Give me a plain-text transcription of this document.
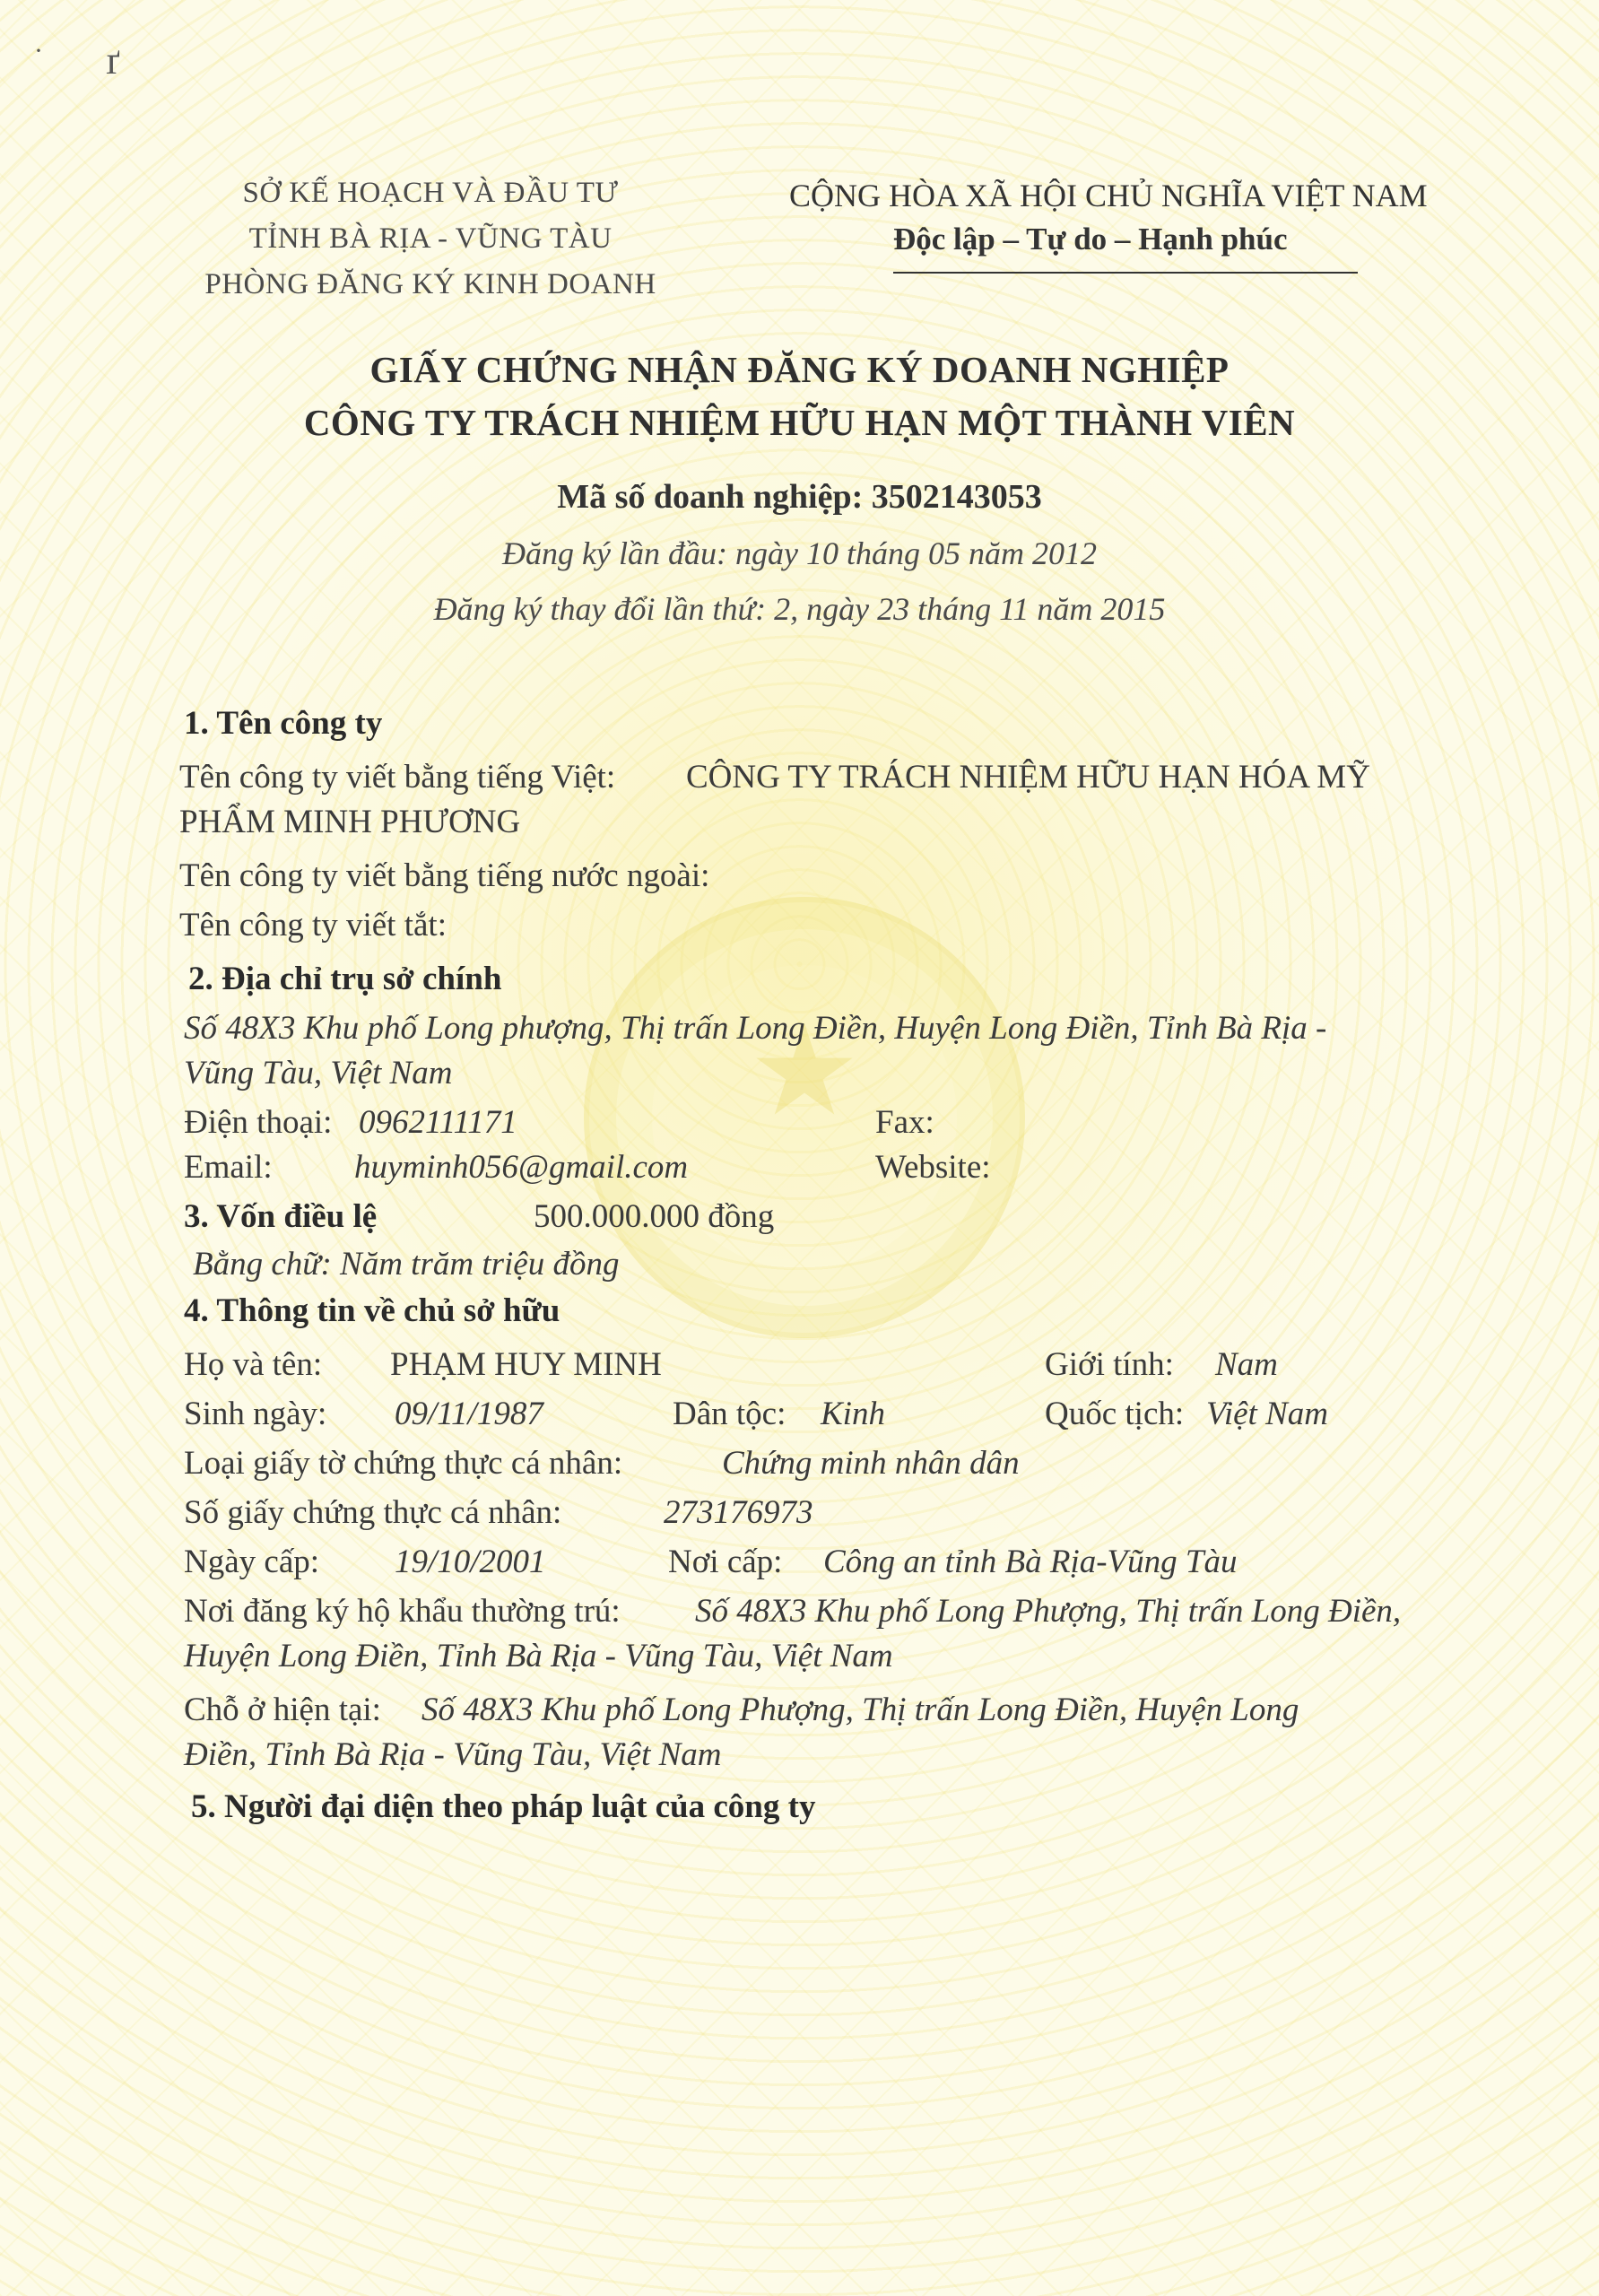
★
· ґ
SỞ KẾ HOẠCH VÀ ĐẦU TƯ
TỈNH BÀ RỊA - VŨNG TÀU
PHÒNG ĐĂNG KÝ KINH DOANH
CỘNG HÒA XÃ HỘI CHỦ NGHĨA VIỆT NAM
Độc lập – Tự do – Hạnh phúc
GIẤY CHỨNG NHẬN ĐĂNG KÝ DOANH NGHIỆP
CÔNG TY TRÁCH NHIỆM HỮU HẠN MỘT THÀNH VIÊN
Mã số doanh nghiệp: 3502143053
Đăng ký lần đầu: ngày 10 tháng 05 năm 2012
Đăng ký thay đổi lần thứ: 2, ngày 23 tháng 11 năm 2015
1. Tên công ty
Tên công ty viết bằng tiếng Việt: CÔNG TY TRÁCH NHIỆM HỮU HẠN HÓA MỸ
PHẨM MINH PHƯƠNG
Tên công ty viết bằng tiếng nước ngoài:
Tên công ty viết tắt:
2. Địa chỉ trụ sở chính
Số 48X3 Khu phố Long phượng, Thị trấn Long Điền, Huyện Long Điền, Tỉnh Bà Rịa -
Vũng Tàu, Việt Nam
Điện thoại: 0962111171	Fax:
Email: huyminh056@gmail.com	Website:
3. Vốn điều lệ	500.000.000 đồng
Bằng chữ: Năm trăm triệu đồng
4. Thông tin về chủ sở hữu
Họ và tên: PHẠM HUY MINH	Giới tính: Nam
Sinh ngày: 09/11/1987	Dân tộc: Kinh	Quốc tịch: Việt Nam
Loại giấy tờ chứng thực cá nhân:	Chứng minh nhân dân
Số giấy chứng thực cá nhân:	273176973
Ngày cấp: 19/10/2001	Nơi cấp: Công an tỉnh Bà Rịa-Vũng Tàu
Nơi đăng ký hộ khẩu thường trú: Số 48X3 Khu phố Long Phượng, Thị trấn Long Điền,
Huyện Long Điền, Tỉnh Bà Rịa - Vũng Tàu, Việt Nam
Chỗ ở hiện tại: Số 48X3 Khu phố Long Phượng, Thị trấn Long Điền, Huyện Long
Điền, Tỉnh Bà Rịa - Vũng Tàu, Việt Nam
5. Người đại diện theo pháp luật của công ty
